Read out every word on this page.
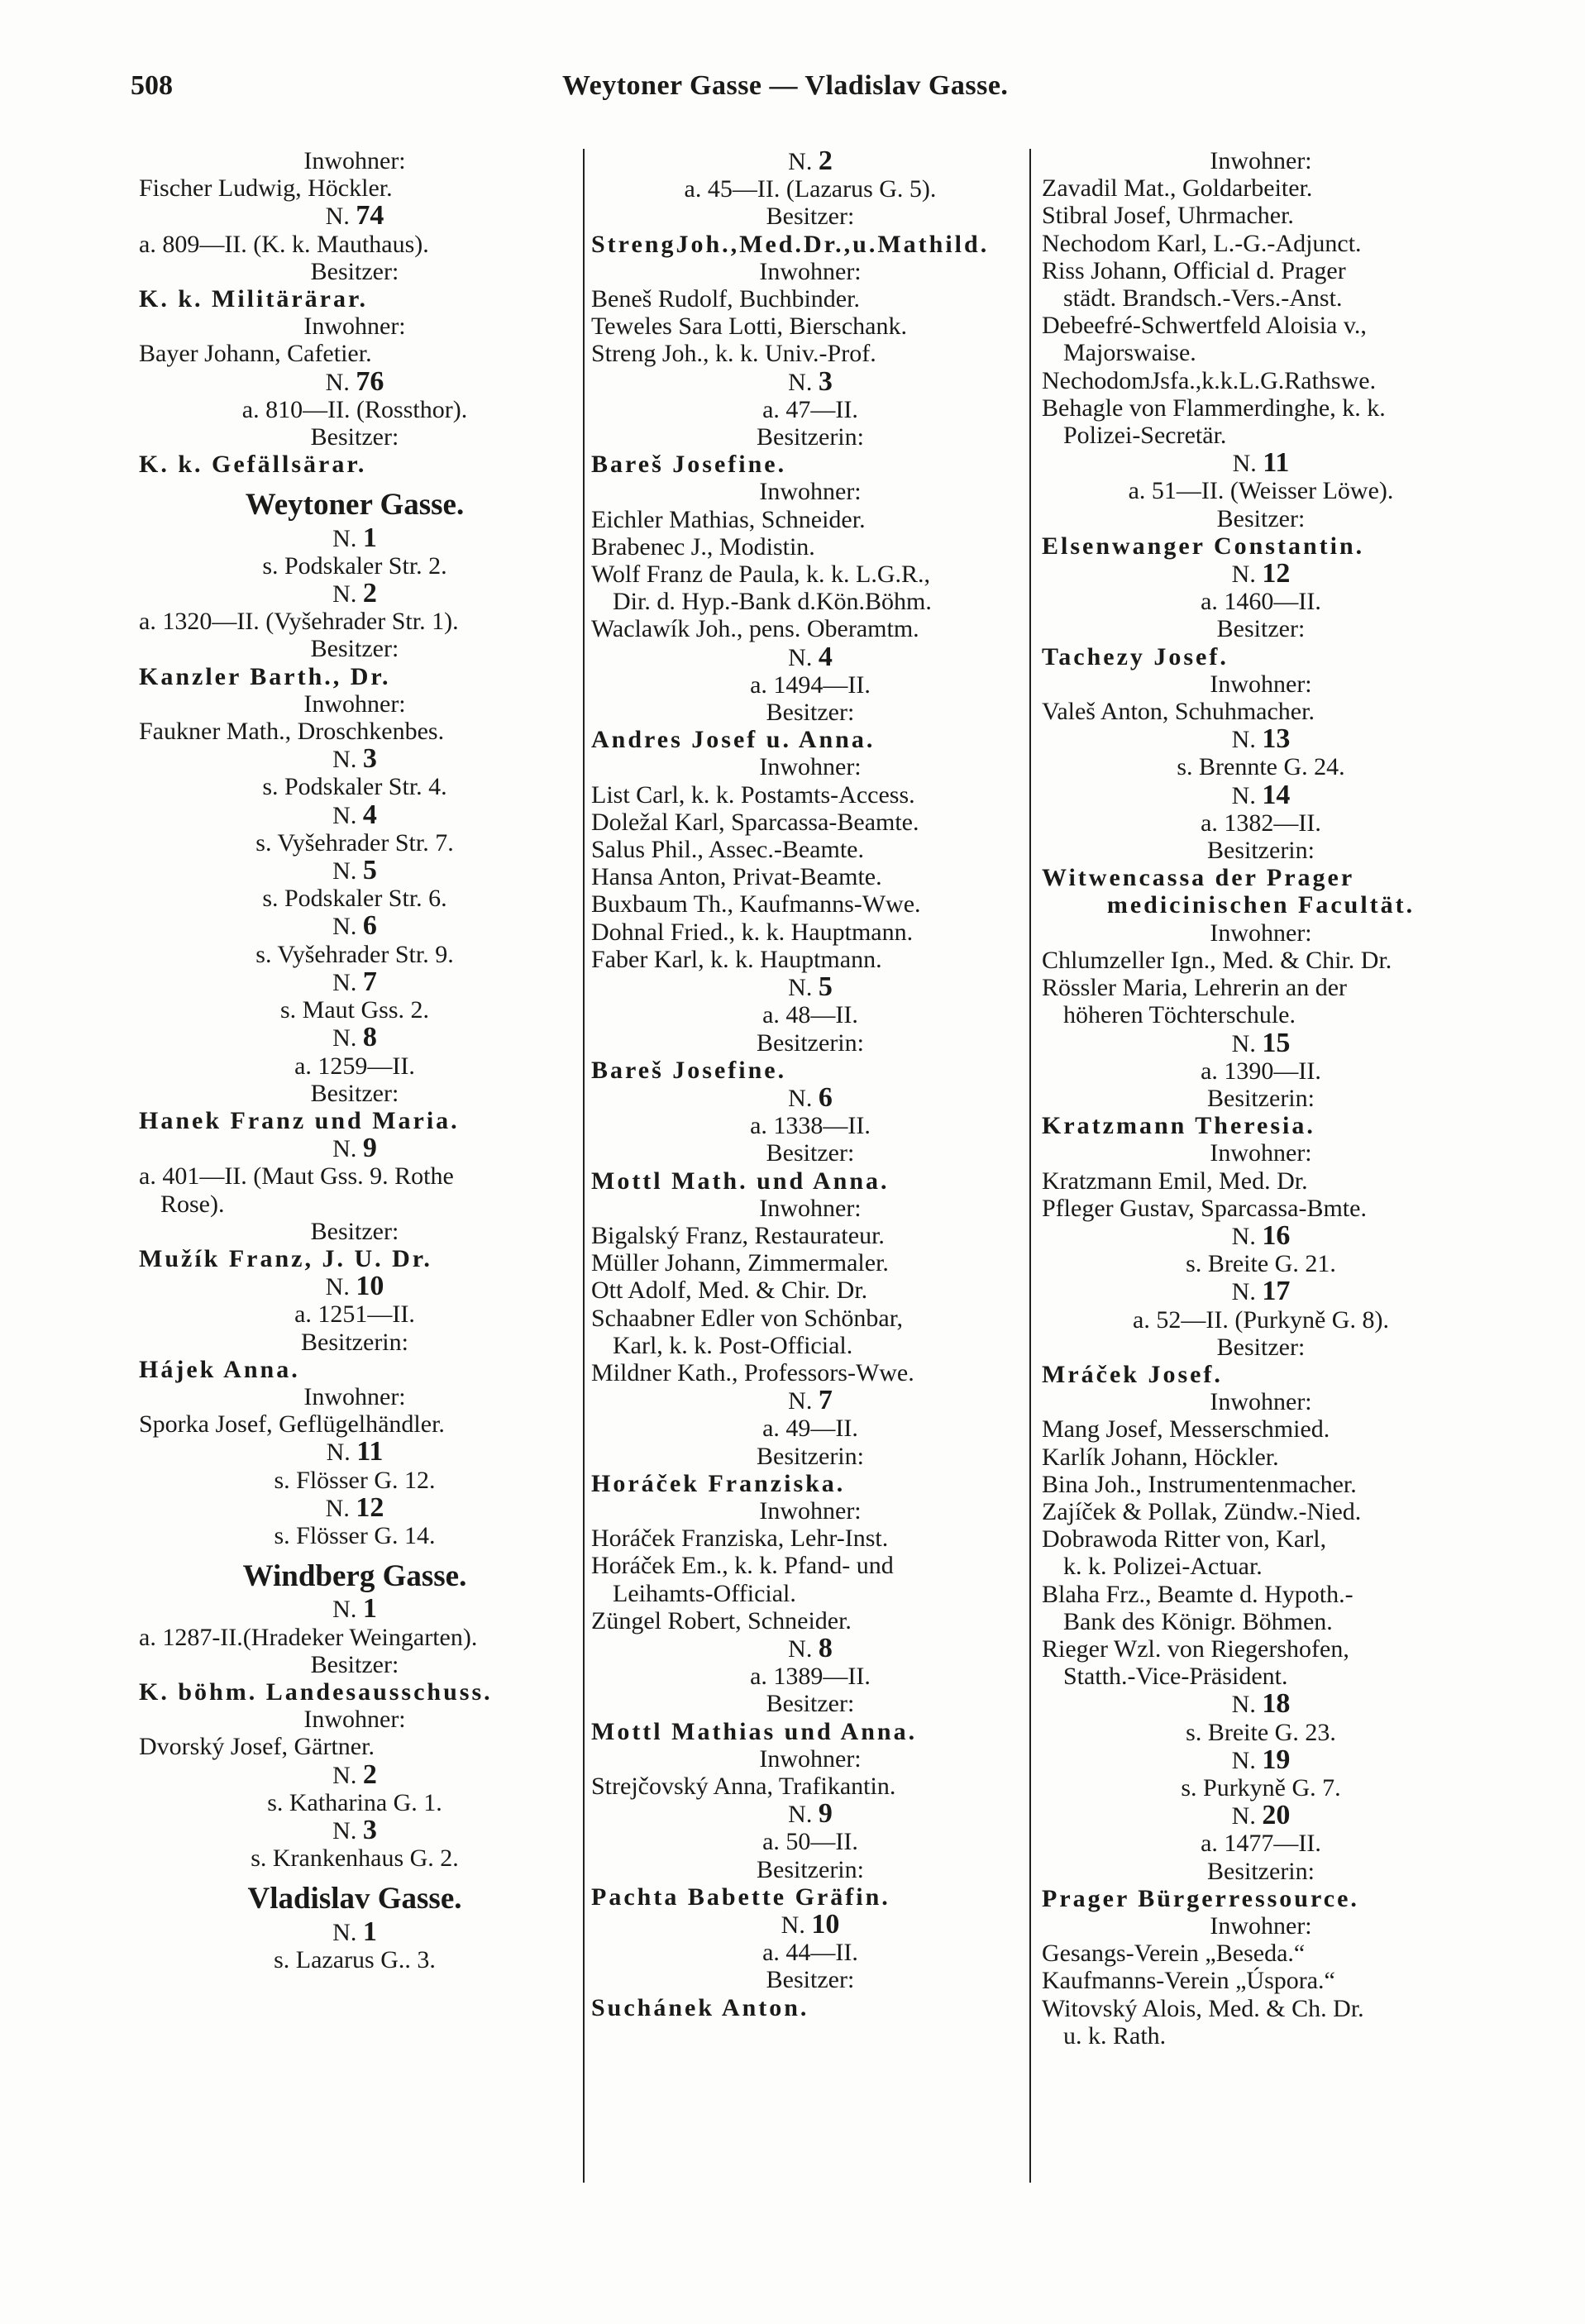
508	Weytoner Gasse — Vladislav Gasse.
Inwohner:
Fischer Ludwig, Höckler.
N. 74
a. 809—II. (K. k. Mauthaus).
Besitzer:
K. k. Militärärar.
Inwohner:
Bayer Johann, Cafetier.
N. 76
a. 810—II. (Rossthor).
Besitzer:
K. k. Gefällsärar.
Weytoner Gasse.
N. 1
s. Podskaler Str. 2.
N. 2
a. 1320—II. (Vyšehrader Str. 1).
Besitzer:
Kanzler Barth., Dr.
Inwohner:
Faukner Math., Droschkenbes.
N. 3
s. Podskaler Str. 4.
N. 4
s. Vyšehrader Str. 7.
N. 5
s. Podskaler Str. 6.
N. 6
s. Vyšehrader Str. 9.
N. 7
s. Maut Gss. 2.
N. 8
a. 1259—II.
Besitzer:
Hanek Franz und Maria.
N. 9
a. 401—II. (Maut Gss. 9. Rothe
Rose).
Besitzer:
Mužík Franz, J. U. Dr.
N. 10
a. 1251—II.
Besitzerin:
Hájek Anna.
Inwohner:
Sporka Josef, Geflügelhändler.
N. 11
s. Flösser G. 12.
N. 12
s. Flösser G. 14.
Windberg Gasse.
N. 1
a. 1287-II.(Hradeker Weingarten).
Besitzer:
K. böhm. Landesausschuss.
Inwohner:
Dvorský Josef, Gärtner.
N. 2
s. Katharina G. 1.
N. 3
s. Krankenhaus G. 2.
Vladislav Gasse.
N. 1
s. Lazarus G.. 3.
N. 2
a. 45—II. (Lazarus G. 5).
Besitzer:
StrengJoh.,Med.Dr.,u.Mathild.
Inwohner:
Beneš Rudolf, Buchbinder.
Teweles Sara Lotti, Bierschank.
Streng Joh., k. k. Univ.-Prof.
N. 3
a. 47—II.
Besitzerin:
Bareš Josefine.
Inwohner:
Eichler Mathias, Schneider.
Brabenec J., Modistin.
Wolf Franz de Paula, k. k. L.G.R.,
Dir. d. Hyp.-Bank d.Kön.Böhm.
Waclawík Joh., pens. Oberamtm.
N. 4
a. 1494—II.
Besitzer:
Andres Josef u. Anna.
Inwohner:
List Carl, k. k. Postamts-Access.
Doležal Karl, Sparcassa-Beamte.
Salus Phil., Assec.-Beamte.
Hansa Anton, Privat-Beamte.
Buxbaum Th., Kaufmanns-Wwe.
Dohnal Fried., k. k. Hauptmann.
Faber Karl, k. k. Hauptmann.
N. 5
a. 48—II.
Besitzerin:
Bareš Josefine.
N. 6
a. 1338—II.
Besitzer:
Mottl Math. und Anna.
Inwohner:
Bigalský Franz, Restaurateur.
Müller Johann, Zimmermaler.
Ott Adolf, Med. & Chir. Dr.
Schaabner Edler von Schönbar,
Karl, k. k. Post-Official.
Mildner Kath., Professors-Wwe.
N. 7
a. 49—II.
Besitzerin:
Horáček Franziska.
Inwohner:
Horáček Franziska, Lehr-Inst.
Horáček Em., k. k. Pfand- und
Leihamts-Official.
Züngel Robert, Schneider.
N. 8
a. 1389—II.
Besitzer:
Mottl Mathias und Anna.
Inwohner:
Strejčovský Anna, Trafikantin.
N. 9
a. 50—II.
Besitzerin:
Pachta Babette Gräfin.
N. 10
a. 44—II.
Besitzer:
Suchánek Anton.
Inwohner:
Zavadil Mat., Goldarbeiter.
Stibral Josef, Uhrmacher.
Nechodom Karl, L.-G.-Adjunct.
Riss Johann, Official d. Prager
städt. Brandsch.-Vers.-Anst.
Debeefré-Schwertfeld Aloisia v.,
Majorswaise.
NechodomJsfa.,k.k.L.G.Rathswe.
Behagle von Flammerdinghe, k. k.
Polizei-Secretär.
N. 11
a. 51—II. (Weisser Löwe).
Besitzer:
Elsenwanger Constantin.
N. 12
a. 1460—II.
Besitzer:
Tachezy Josef.
Inwohner:
Valeš Anton, Schuhmacher.
N. 13
s. Brennte G. 24.
N. 14
a. 1382—II.
Besitzerin:
Witwencassa der Prager
medicinischen Facultät.
Inwohner:
Chlumzeller Ign., Med. & Chir. Dr.
Rössler Maria, Lehrerin an der
höheren Töchterschule.
N. 15
a. 1390—II.
Besitzerin:
Kratzmann Theresia.
Inwohner:
Kratzmann Emil, Med. Dr.
Pfleger Gustav, Sparcassa-Bmte.
N. 16
s. Breite G. 21.
N. 17
a. 52—II. (Purkyně G. 8).
Besitzer:
Mráček Josef.
Inwohner:
Mang Josef, Messerschmied.
Karlík Johann, Höckler.
Bina Joh., Instrumentenmacher.
Zajíček & Pollak, Zündw.-Nied.
Dobrawoda Ritter von, Karl,
k. k. Polizei-Actuar.
Blaha Frz., Beamte d. Hypoth.-
Bank des Königr. Böhmen.
Rieger Wzl. von Riegershofen,
Statth.-Vice-Präsident.
N. 18
s. Breite G. 23.
N. 19
s. Purkyně G. 7.
N. 20
a. 1477—II.
Besitzerin:
Prager Bürgerressource.
Inwohner:
Gesangs-Verein „Beseda.“
Kaufmanns-Verein „Úspora.“
Witovský Alois, Med. & Ch. Dr.
u. k. Rath.
